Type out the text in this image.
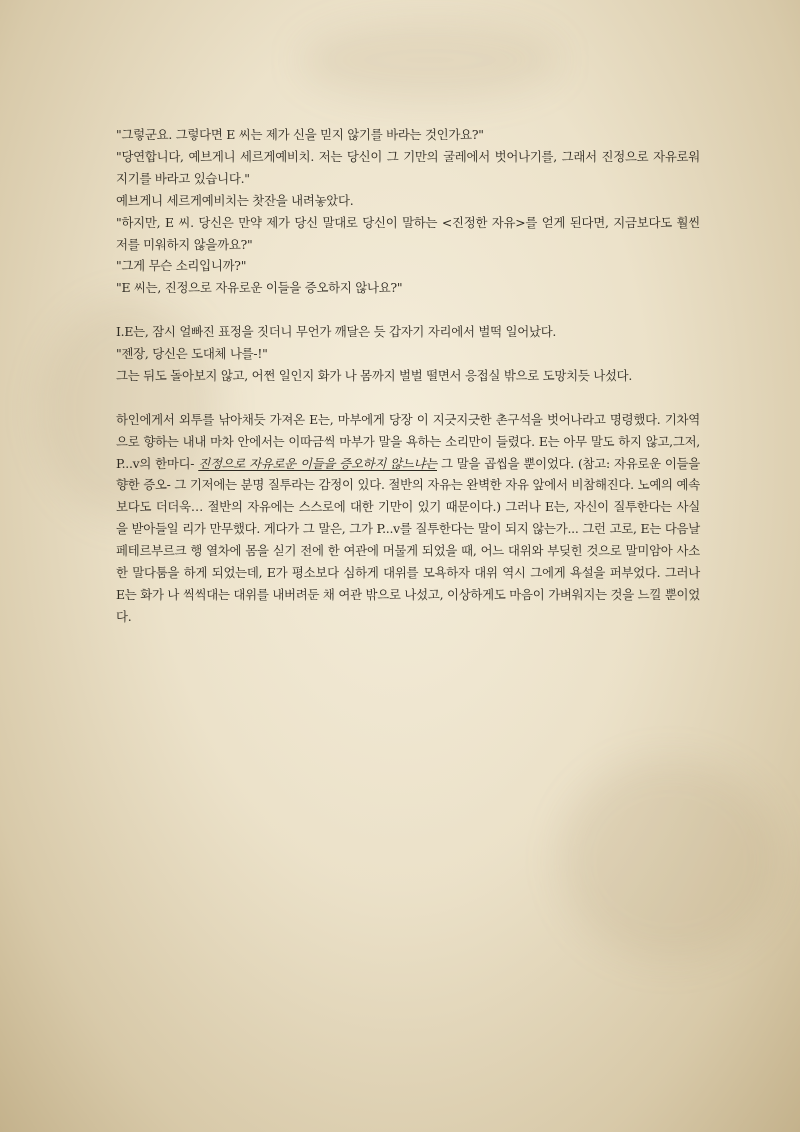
"그렇군요. 그렇다면 E 씨는 제가 신을 믿지 않기를 바라는 것인가요?"

"당연합니다, 예브게니 세르게예비치. 저는 당신이 그 기만의 굴레에서 벗어나기를, 그래서 진정으로 자유로워지기를 바라고 있습니다."

예브게니 세르게예비치는 찻잔을 내려놓았다.

"하지만, E 씨. 당신은 만약 제가 당신 말대로 당신이 말하는 <진정한 자유>를 얻게 된다면, 지금보다도 훨씬 저를 미워하지 않을까요?"

"그게 무슨 소리입니까?"

"E 씨는, 진정으로 자유로운 이들을 증오하지 않나요?"

I.E는, 잠시 얼빠진 표정을 짓더니 무언가 깨달은 듯 갑자기 자리에서 벌떡 일어났다.

"젠장, 당신은 도대체 나를-!"

그는 뒤도 돌아보지 않고, 어쩐 일인지 화가 나 몸까지 벌벌 떨면서 응접실 밖으로 도망치듯 나섰다.

하인에게서 외투를 낚아채듯 가져온 E는, 마부에게 당장 이 지긋지긋한 촌구석을 벗어나라고 명령했다. 기차역으로 향하는 내내 마차 안에서는 이따금씩 마부가 말을 욕하는 소리만이 들렸다. E는 아무 말도 하지 않고,그저, P...v의 한마디- 진정으로 자유로운 이들을 증오하지 않느냐는 그 말을 곱씹을 뿐이었다. (참고: 자유로운 이들을 향한 증오- 그 기저에는 분명 질투라는 감정이 있다. 절반의 자유는 완벽한 자유 앞에서 비참해진다. 노예의 예속보다도 더더욱… 절반의 자유에는 스스로에 대한 기만이 있기 때문이다.) 그러나 E는, 자신이 질투한다는 사실을 받아들일 리가 만무했다. 게다가 그 말은, 그가 P...v를 질투한다는 말이 되지 않는가... 그런 고로, E는 다음날 페테르부르크 행 열차에 몸을 싣기 전에 한 여관에 머물게 되었을 때, 어느 대위와 부딪힌 것으로 말미암아 사소한 말다툼을 하게 되었는데, E가 평소보다 심하게 대위를 모욕하자 대위 역시 그에게 욕설을 퍼부었다. 그러나 E는 화가 나 씩씩대는 대위를 내버려둔 채 여관 밖으로 나섰고, 이상하게도 마음이 가벼워지는 것을 느낄 뿐이었다.
